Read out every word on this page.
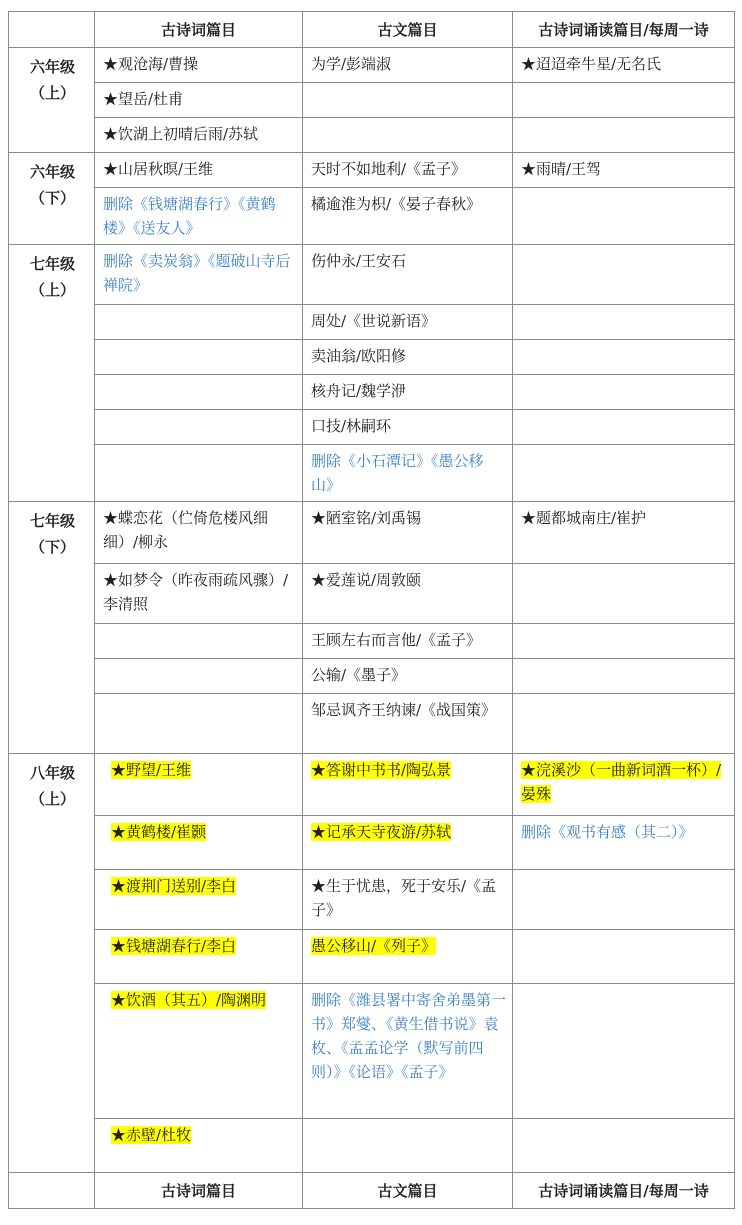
	古诗词篇目	古文篇目	古诗词诵读篇目/每周一诗

六年级
（上）	★观沧海/曹操	为学/彭端淑	★迢迢牵牛星/无名氏
	★望岳/杜甫		
	★饮湖上初晴后雨/苏轼		

六年级
（下）	★山居秋暝/王维	天时不如地利/《孟子》	★雨晴/王驾
	删除《钱塘湖春行》《黄鹤楼》《送友人》	橘逾淮为枳/《晏子春秋》	

七年级
（上）	删除《卖炭翁》《题破山寺后禅院》	伤仲永/王安石	
		周处/《世说新语》	
		卖油翁/欧阳修	
		核舟记/魏学洢	
		口技/林嗣环	
		删除《小石潭记》《愚公移山》	

七年级
（下）	★蝶恋花（伫倚危楼风细细）/柳永	★陋室铭/刘禹锡	★题都城南庄/崔护
	★如梦令（昨夜雨疏风骤）/李清照	★爱莲说/周敦颐	
		王顾左右而言他/《孟子》	
		公输/《墨子》	
		邹忌讽齐王纳谏/《战国策》	

八年级
（上）	★野望/王维	★答谢中书书/陶弘景	★浣溪沙（一曲新词酒一杯）/晏殊
	★黄鹤楼/崔颢	★记承天寺夜游/苏轼	删除《观书有感（其二）》
	★渡荆门送别/李白	★生于忧患，死于安乐/《孟子》	
	★钱塘湖春行/李白	愚公移山/《列子》	
	★饮酒（其五）/陶渊明	删除《潍县署中寄舍弟墨第一书》郑燮、《黄生借书说》袁枚、《孟孟论学（默写前四则）》《论语》《孟子》	
	★赤壁/杜牧		
	古诗词篇目	古文篇目	古诗词诵读篇目/每周一诗
